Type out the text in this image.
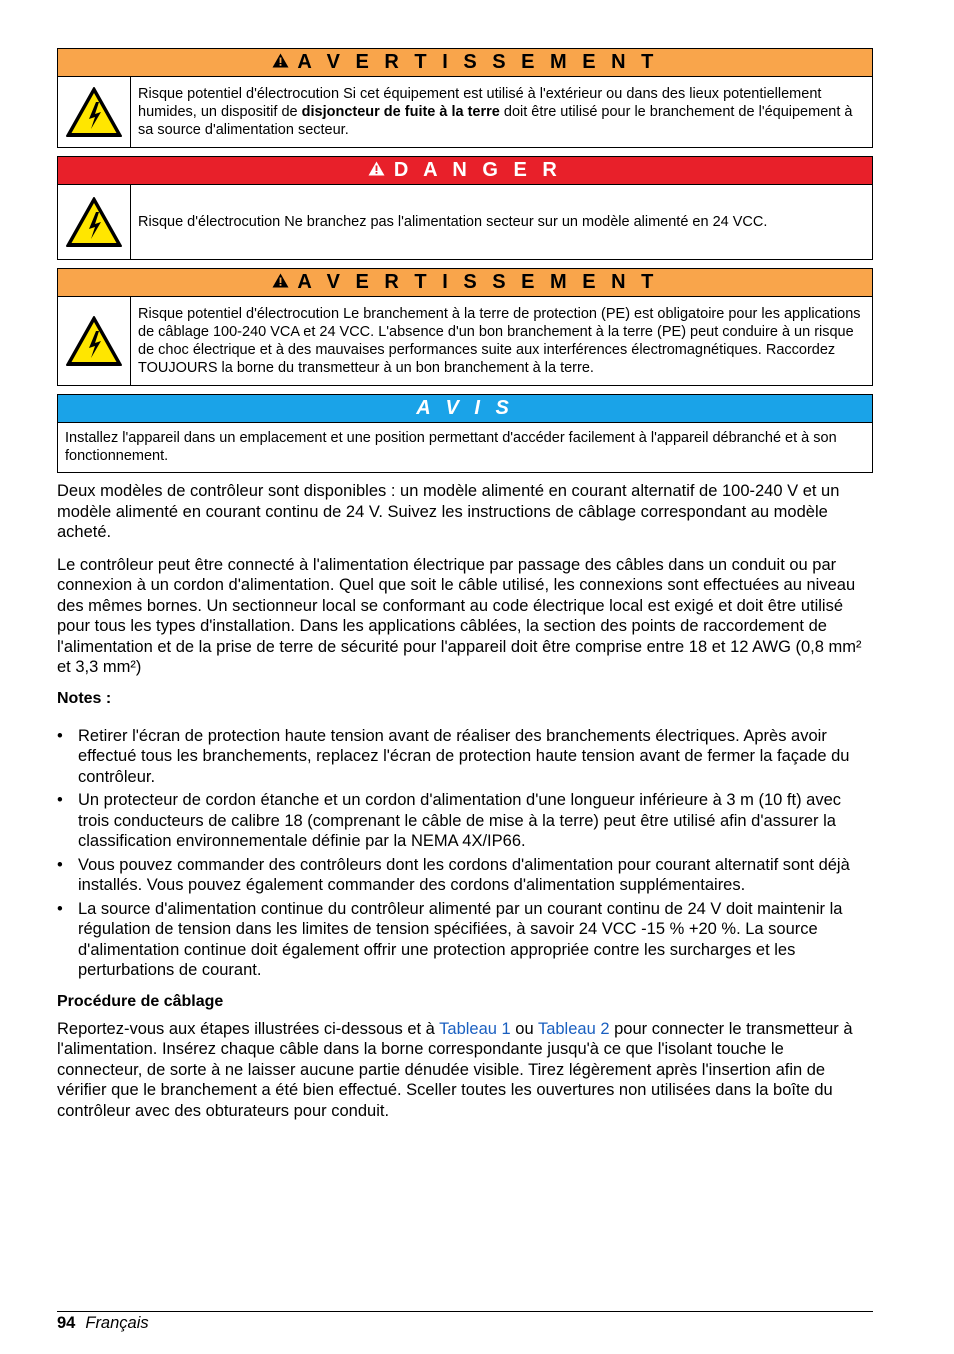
A V E R T I S S E M E N T
Risque potentiel d'électrocution Si cet équipement est utilisé à l'extérieur ou dans des lieux potentiellement humides, un dispositif de disjoncteur de fuite à la terre doit être utilisé pour le branchement de l'équipement à sa source d'alimentation secteur.
D A N G E R
Risque d'électrocution Ne branchez pas l'alimentation secteur sur un modèle alimenté en 24 VCC.
A V E R T I S S E M E N T
Risque potentiel d'électrocution Le branchement à la terre de protection (PE) est obligatoire pour les applications de câblage 100-240 VCA et 24 VCC. L'absence d'un bon branchement à la terre (PE) peut conduire à un risque de choc électrique et à des mauvaises performances suite aux interférences électromagnétiques. Raccordez TOUJOURS la borne du transmetteur à un bon branchement à la terre.
A V I S
Installez l'appareil dans un emplacement et une position permettant d'accéder facilement à l'appareil débranché et à son fonctionnement.

Deux modèles de contrôleur sont disponibles : un modèle alimenté en courant alternatif de 100-240 V et un modèle alimenté en courant continu de 24 V. Suivez les instructions de câblage correspondant au modèle acheté.

Le contrôleur peut être connecté à l'alimentation électrique par passage des câbles dans un conduit ou par connexion à un cordon d'alimentation. Quel que soit le câble utilisé, les connexions sont effectuées au niveau des mêmes bornes. Un sectionneur local se conformant au code électrique local est exigé et doit être utilisé pour tous les types d'installation. Dans les applications câblées, la section des points de raccordement de l'alimentation et de la prise de terre de sécurité pour l'appareil doit être comprise entre 18 et 12 AWG (0,8 mm² et 3,3 mm²)

Notes :

• Retirer l'écran de protection haute tension avant de réaliser des branchements électriques. Après avoir effectué tous les branchements, replacez l'écran de protection haute tension avant de fermer la façade du contrôleur.
• Un protecteur de cordon étanche et un cordon d'alimentation d'une longueur inférieure à 3 m (10 ft) avec trois conducteurs de calibre 18 (comprenant le câble de mise à la terre) peut être utilisé afin d'assurer la classification environnementale définie par la NEMA 4X/IP66.
• Vous pouvez commander des contrôleurs dont les cordons d'alimentation pour courant alternatif sont déjà installés. Vous pouvez également commander des cordons d'alimentation supplémentaires.
• La source d'alimentation continue du contrôleur alimenté par un courant continu de 24 V doit maintenir la régulation de tension dans les limites de tension spécifiées, à savoir 24 VCC -15 % +20 %. La source d'alimentation continue doit également offrir une protection appropriée contre les surcharges et les perturbations de courant.
Procédure de câblage

Reportez-vous aux étapes illustrées ci-dessous et à Tableau 1 ou Tableau 2 pour connecter le transmetteur à l'alimentation. Insérez chaque câble dans la borne correspondante jusqu'à ce que l'isolant touche le connecteur, de sorte à ne laisser aucune partie dénudée visible. Tirez légèrement après l'insertion afin de vérifier que le branchement a été bien effectué. Sceller toutes les ouvertures non utilisées dans la boîte du contrôleur avec des obturateurs pour conduit.

94 Français
